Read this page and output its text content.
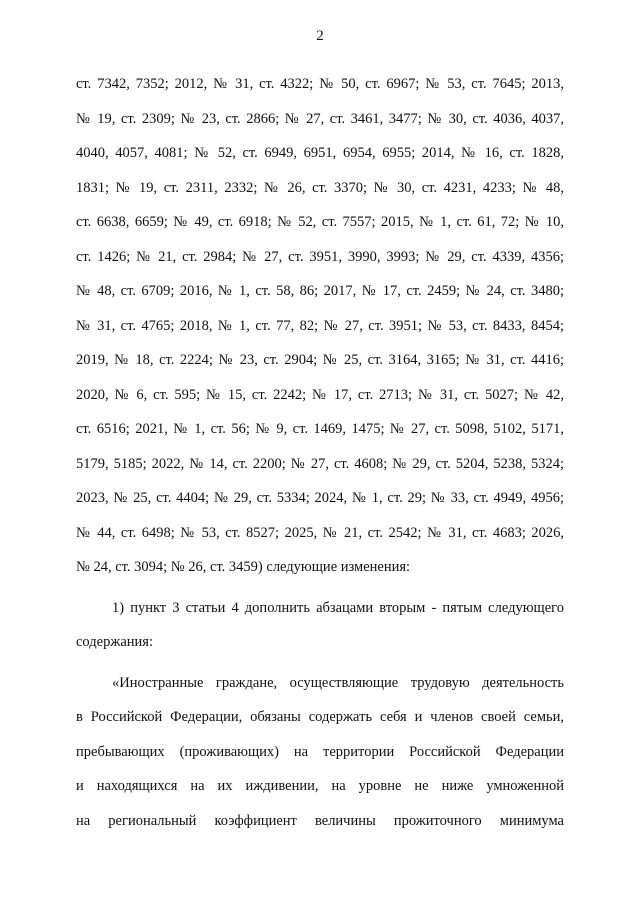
2
ст. 7342, 7352; 2012, № 31, ст. 4322; № 50, ст. 6967; № 53, ст. 7645; 2013,
№ 19, ст. 2309; № 23, ст. 2866; № 27, ст. 3461, 3477; № 30, ст. 4036, 4037,
4040, 4057, 4081; № 52, ст. 6949, 6951, 6954, 6955; 2014, № 16, ст. 1828,
1831; № 19, ст. 2311, 2332; № 26, ст. 3370; № 30, ст. 4231, 4233; № 48,
ст. 6638, 6659; № 49, ст. 6918; № 52, ст. 7557; 2015, № 1, ст. 61, 72; № 10,
ст. 1426; № 21, ст. 2984; № 27, ст. 3951, 3990, 3993; № 29, ст. 4339, 4356;
№ 48, ст. 6709; 2016, № 1, ст. 58, 86; 2017, № 17, ст. 2459; № 24, ст. 3480;
№ 31, ст. 4765; 2018, № 1, ст. 77, 82; № 27, ст. 3951; № 53, ст. 8433, 8454;
2019, № 18, ст. 2224; № 23, ст. 2904; № 25, ст. 3164, 3165; № 31, ст. 4416;
2020, № 6, ст. 595; № 15, ст. 2242; № 17, ст. 2713; № 31, ст. 5027; № 42,
ст. 6516; 2021, № 1, ст. 56; № 9, ст. 1469, 1475; № 27, ст. 5098, 5102, 5171,
5179, 5185; 2022, № 14, ст. 2200; № 27, ст. 4608; № 29, ст. 5204, 5238, 5324;
2023, № 25, ст. 4404; № 29, ст. 5334; 2024, № 1, ст. 29; № 33, ст. 4949, 4956;
№ 44, ст. 6498; № 53, ст. 8527; 2025, № 21, ст. 2542; № 31, ст. 4683; 2026,
№ 24, ст. 3094; № 26, ст. 3459) следующие изменения:
1) пункт 3 статьи 4 дополнить абзацами вторым - пятым следующего
содержания:
«Иностранные граждане, осуществляющие трудовую деятельность
в Российской Федерации, обязаны содержать себя и членов своей семьи,
пребывающих (проживающих) на территории Российской Федерации
и находящихся на их иждивении, на уровне не ниже умноженной
на региональный коэффициент величины прожиточного минимума
